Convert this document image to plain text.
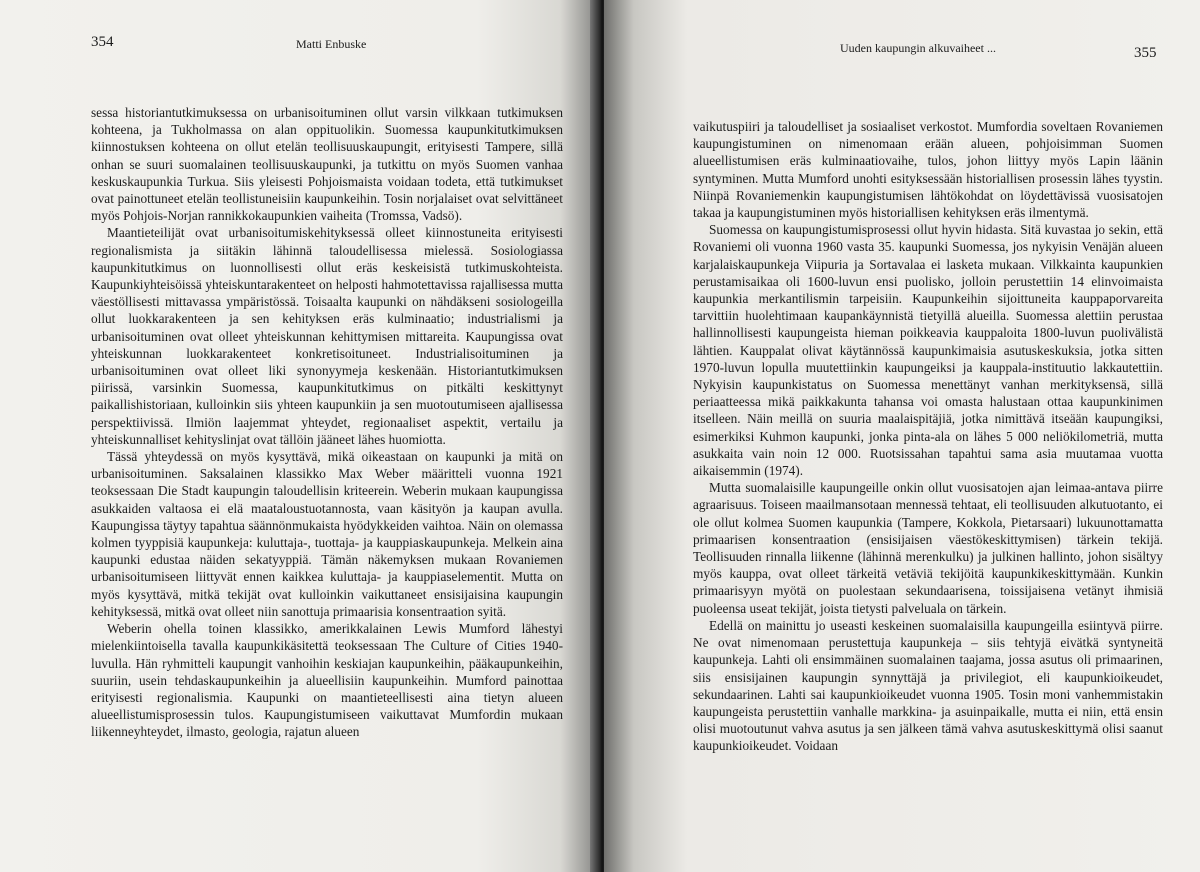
354	Matti Enbuske

sessa historiantutkimuksessa on urbanisoituminen ollut varsin vilkkaan tutkimuksen kohteena, ja Tukholmassa on alan oppituolikin. Suomessa kaupunkitutkimuksen kiinnostuksen kohteena on ollut etelän teollisuuskaupungit, erityisesti Tampere, sillä onhan se suuri suomalainen teollisuuskaupunki, ja tutkittu on myös Suomen vanhaa keskuskaupunkia Turkua. Siis yleisesti Pohjoismaista voidaan todeta, että tutkimukset ovat painottuneet etelän teollistuneisiin kaupunkeihin. Tosin norjalaiset ovat selvittäneet myös Pohjois-Norjan rannikkokaupunkien vaiheita (Tromssa, Vadsö).

Maantieteilijät ovat urbanisoitumiskehityksessä olleet kiinnostuneita erityisesti regionalismista ja siitäkin lähinnä taloudellisessa mielessä. Sosiologiassa kaupunkitutkimus on luonnollisesti ollut eräs keskeisistä tutkimuskohteista. Kaupunkiyhteisöissä yhteiskuntarakenteet on helposti hahmotettavissa rajallisessa mutta väestöllisesti mittavassa ympäristössä. Toisaalta kaupunki on nähdäkseni sosiologeilla ollut luokkarakenteen ja sen kehityksen eräs kulminaatio; industrialismi ja urbanisoituminen ovat olleet yhteiskunnan kehittymisen mittareita. Kaupungissa ovat yhteiskunnan luokkarakenteet konkretisoituneet. Industrialisoituminen ja urbanisoituminen ovat olleet liki synonyymeja keskenään. Historiantutkimuksen piirissä, varsinkin Suomessa, kaupunkitutkimus on pitkälti keskittynyt paikallishistoriaan, kulloinkin siis yhteen kaupunkiin ja sen muotoutumiseen ajallisessa perspektiivissä. Ilmiön laajemmat yhteydet, regionaaliset aspektit, vertailu ja yhteiskunnalliset kehityslinjat ovat tällöin jääneet lähes huomiotta.

Tässä yhteydessä on myös kysyttävä, mikä oikeastaan on kaupunki ja mitä on urbanisoituminen. Saksalainen klassikko Max Weber määritteli vuonna 1921 teoksessaan Die Stadt kaupungin taloudellisin kriteerein. Weberin mukaan kaupungissa asukkaiden valtaosa ei elä maataloustuotannosta, vaan käsityön ja kaupan avulla. Kaupungissa täytyy tapahtua säännönmukaista hyödykkeiden vaihtoa. Näin on olemassa kolmen tyyppisiä kaupunkeja: kuluttaja-, tuottaja- ja kauppiaskaupunkeja. Melkein aina kaupunki edustaa näiden sekatyyppiä. Tämän näkemyksen mukaan Rovaniemen urbanisoitumiseen liittyvät ennen kaikkea kuluttaja- ja kauppiaselementit. Mutta on myös kysyttävä, mitkä tekijät ovat kulloinkin vaikuttaneet ensisijaisina kaupungin kehityksessä, mitkä ovat olleet niin sanottuja primaarisia konsentraation syitä.

Weberin ohella toinen klassikko, amerikkalainen Lewis Mumford lähestyi mielenkiintoisella tavalla kaupunkikäsitettä teoksessaan The Culture of Cities 1940-luvulla. Hän ryhmitteli kaupungit vanhoihin keskiajan kaupunkeihin, pääkaupunkeihin, suuriin, usein tehdaskaupunkeihin ja alueellisiin kaupunkeihin. Mumford painottaa erityisesti regionalismia. Kaupunki on maantieteellisesti aina tietyn alueen alueellistumisprosessin tulos. Kaupungistumiseen vaikuttavat Mumfordin mukaan liikenneyhteydet, ilmasto, geologia, rajatun alueen

Uuden kaupungin alkuvaiheet ...	355

vaikutuspiiri ja taloudelliset ja sosiaaliset verkostot. Mumfordia soveltaen Rovaniemen kaupungistuminen on nimenomaan erään alueen, pohjoisimman Suomen alueellistumisen eräs kulminaatiovaihe, tulos, johon liittyy myös Lapin läänin syntyminen. Mutta Mumford unohti esityksessään historiallisen prosessin lähes tyystin. Niinpä Rovaniemenkin kaupungistumisen lähtökohdat on löydettävissä vuosisatojen takaa ja kaupungistuminen myös historiallisen kehityksen eräs ilmentymä.

Suomessa on kaupungistumisprosessi ollut hyvin hidasta. Sitä kuvastaa jo sekin, että Rovaniemi oli vuonna 1960 vasta 35. kaupunki Suomessa, jos nykyisin Venäjän alueen karjalaiskaupunkeja Viipuria ja Sortavalaa ei lasketa mukaan. Vilkkainta kaupunkien perustamisaikaa oli 1600-luvun ensi puolisko, jolloin perustettiin 14 elinvoimaista kaupunkia merkantilismin tarpeisiin. Kaupunkeihin sijoittuneita kauppaporvareita tarvittiin huolehtimaan kaupankäynnistä tietyillä alueilla. Suomessa alettiin perustaa hallinnollisesti kaupungeista hieman poikkeavia kauppaloita 1800-luvun puolivälistä lähtien. Kauppalat olivat käytännössä kaupunkimaisia asutuskeskuksia, jotka sitten 1970-luvun lopulla muutettiinkin kaupungeiksi ja kauppala-instituutio lakkautettiin. Nykyisin kaupunkistatus on Suomessa menettänyt vanhan merkityksensä, sillä periaatteessa mikä paikkakunta tahansa voi omasta halustaan ottaa kaupunkinimen itselleen. Näin meillä on suuria maalaispitäjiä, jotka nimittävä itseään kaupungiksi, esimerkiksi Kuhmon kaupunki, jonka pinta-ala on lähes 5 000 neliökilometriä, mutta asukkaita vain noin 12 000. Ruotsissahan tapahtui sama asia muutamaa vuotta aikaisemmin (1974).

Mutta suomalaisille kaupungeille onkin ollut vuosisatojen ajan leimaa-antava piirre agraarisuus. Toiseen maailmansotaan mennessä tehtaat, eli teollisuuden alkutuotanto, ei ole ollut kolmea Suomen kaupunkia (Tampere, Kokkola, Pietarsaari) lukuunottamatta primaarisen konsentraation (ensisijaisen väestökeskittymisen) tärkein tekijä. Teollisuuden rinnalla liikenne (lähinnä merenkulku) ja julkinen hallinto, johon sisältyy myös kauppa, ovat olleet tärkeitä vetäviä tekijöitä kaupunkikeskittymään. Kunkin primaarisyyn myötä on puolestaan sekundaarisena, toissijaisena vetänyt ihmisiä puoleensa useat tekijät, joista tietysti palveluala on tärkein.

Edellä on mainittu jo useasti keskeinen suomalaisilla kaupungeilla esiintyvä piirre. Ne ovat nimenomaan perustettuja kaupunkeja – siis tehtyjä eivätkä syntyneitä kaupunkeja. Lahti oli ensimmäinen suomalainen taajama, jossa asutus oli primaarinen, siis ensisijainen kaupungin synnyttäjä ja privilegiot, eli kaupunkioikeudet, sekundaarinen. Lahti sai kaupunkioikeudet vuonna 1905. Tosin moni vanhemmistakin kaupungeista perustettiin vanhalle markkina- ja asuinpaikalle, mutta ei niin, että ensin olisi muotoutunut vahva asutus ja sen jälkeen tämä vahva asutuskeskittymä olisi saanut kaupunkioikeudet. Voidaan
